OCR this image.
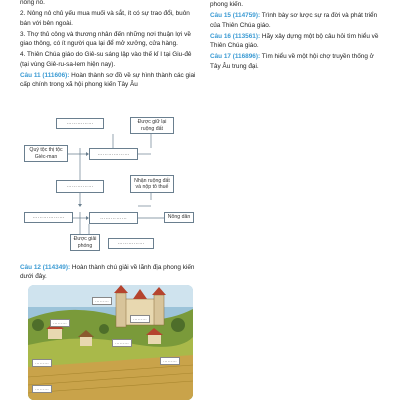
nông nô.

2. Nông nô chủ yếu mua muối và sắt, ít có sự trao đổi, buôn bán với bên ngoài.

3. Thợ thủ công và thương nhân đến những nơi thuận lợi về giao thông, có ít người qua lại để mở xưởng, cửa hàng.

4. Thiên Chúa giáo do Giê-su sáng lập vào thế kỉ I tại Giu-đê (tại vùng Giê-ru-sa-lem hiện nay).

Câu 11 (111606): Hoàn thành sơ đồ về sự hình thành các giai cấp chính trong xã hội phong kiến Tây Âu

……………	Được giữ lại ruộng đất
Quý tộc thị tộc Giéc-man	………………
……………
Nhận ruộng đất và nộp tô thuế
………………	……………	Nông dân
Được giải phóng	……………

Câu 12 (114349): Hoàn thành chú giải về lãnh địa phong kiến dưới đây.

………
………
………
………
………	………
………

phong kiến.

Câu 15 (114759): Trình bày sơ lược sự ra đời và phát triển của Thiên Chúa giáo.

Câu 16 (113561): Hãy xây dựng một bộ câu hỏi tìm hiểu về Thiên Chúa giáo.

Câu 17 (116896): Tìm hiểu về một hội chợ truyền thống ở Tây Âu trung đại.
